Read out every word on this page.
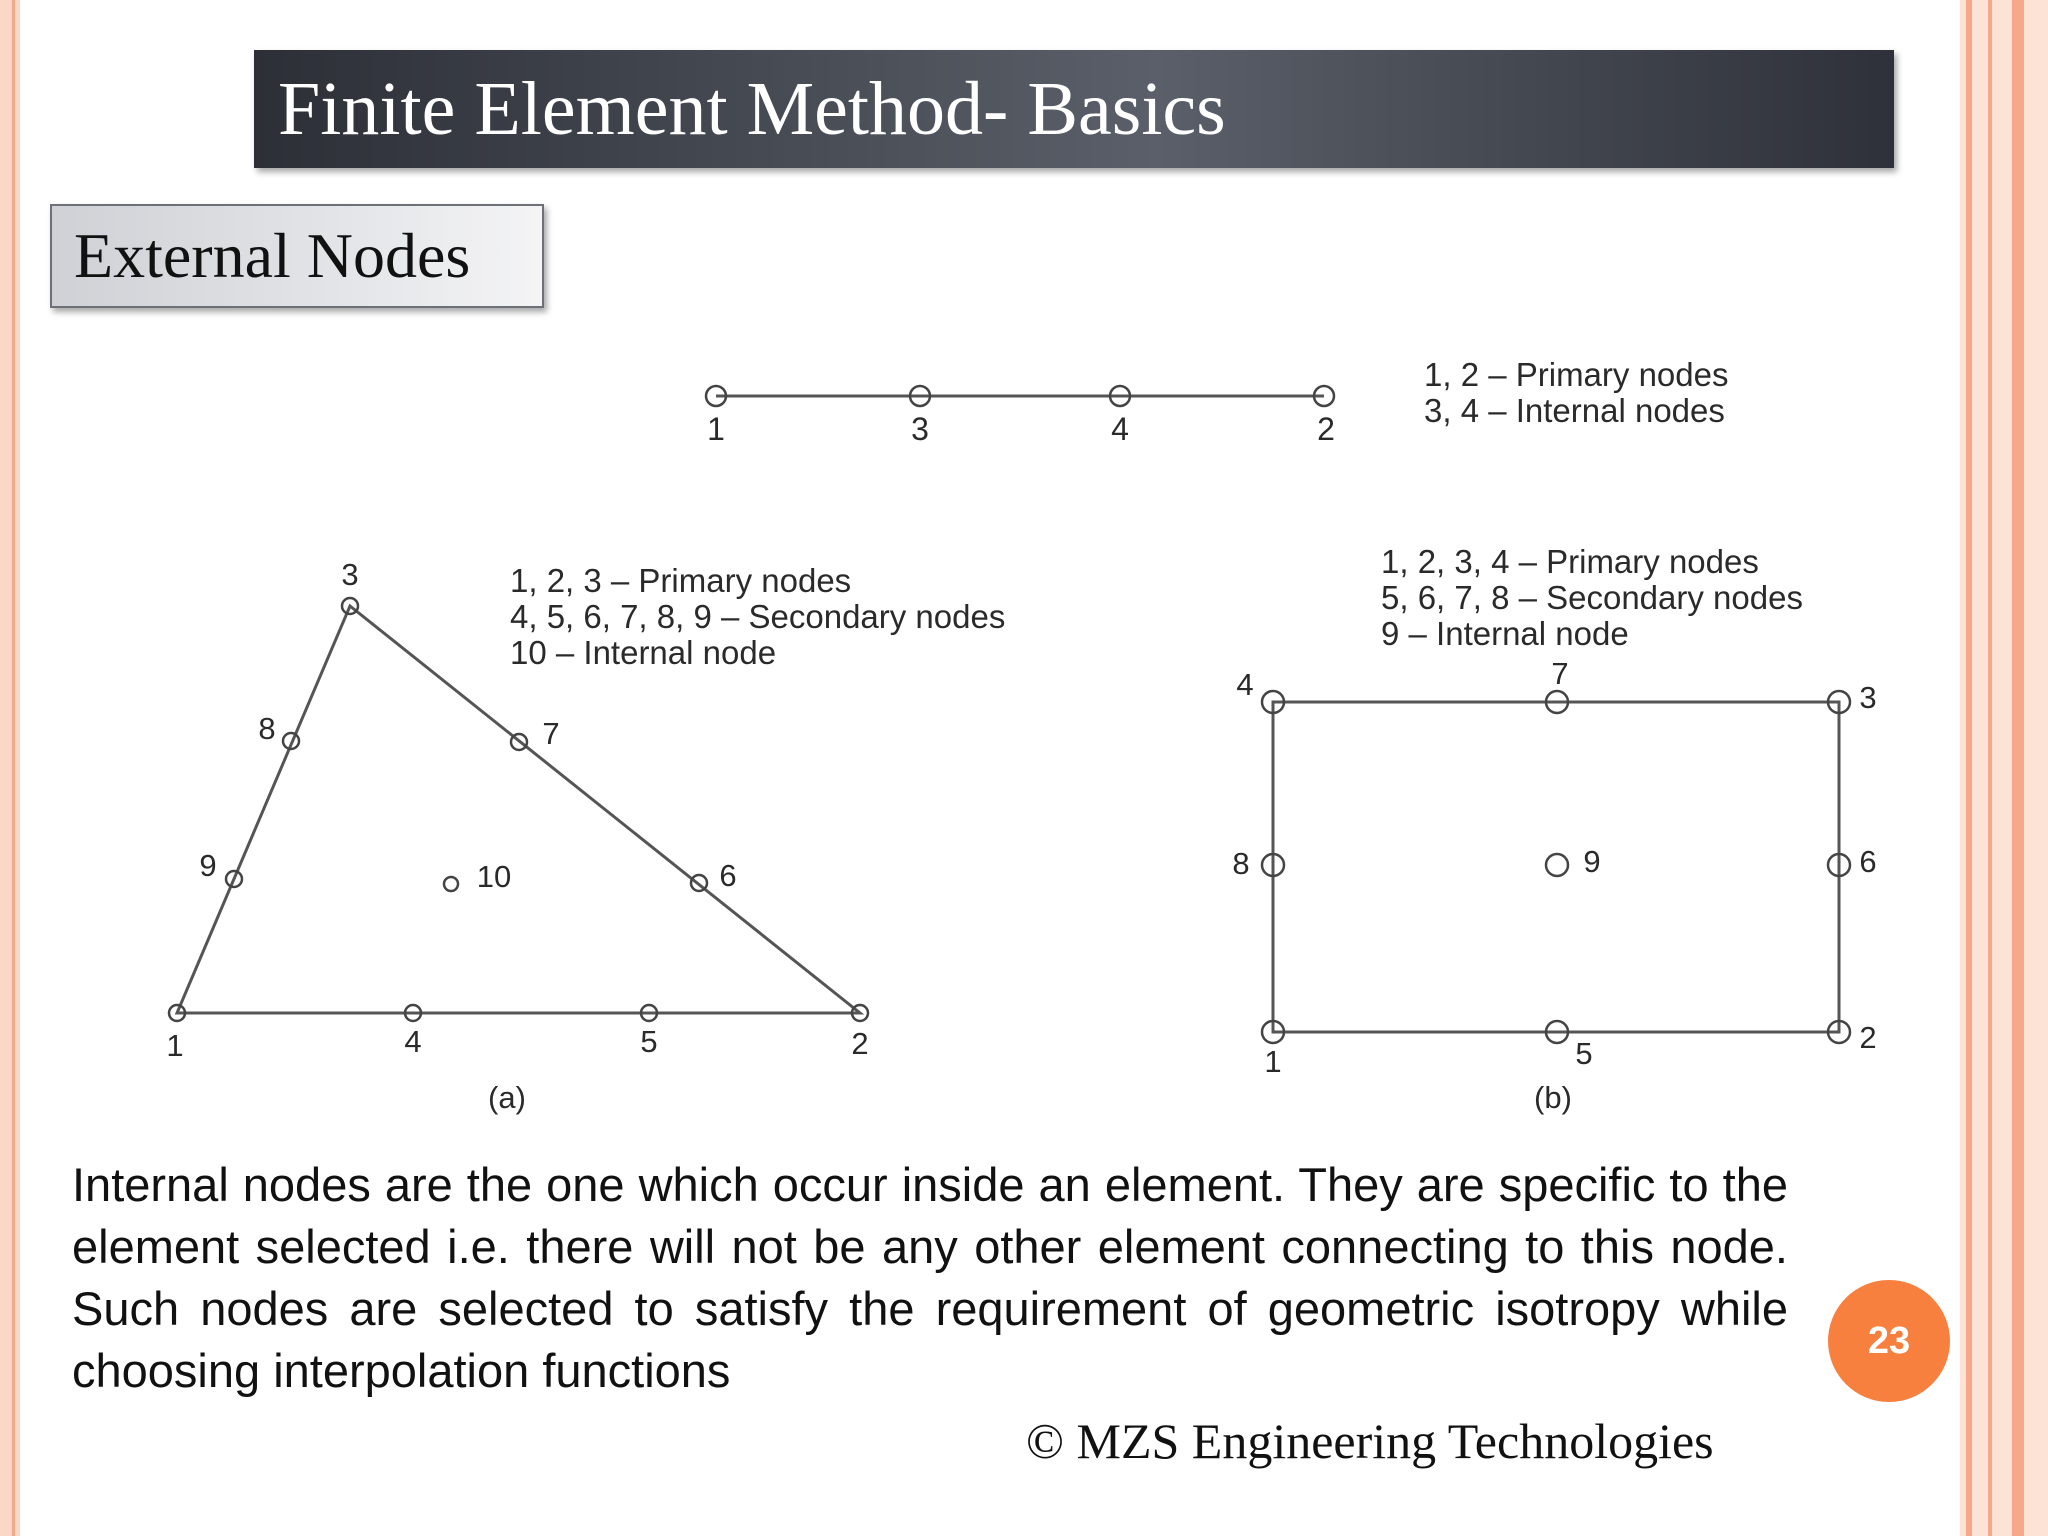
Finite Element Method- Basics
External Nodes
1	3	4	2
1, 2 – Primary nodes
3, 4 – Internal nodes
1	2
3
4	5
6
7
8
9	10
1, 2, 3 – Primary nodes
4, 5, 6, 7, 8, 9 – Secondary nodes
10 – Internal node
(a)
1
2
3
4
5
6
7
8	9
1, 2, 3, 4 – Primary nodes
5, 6, 7, 8 – Secondary nodes
9 – Internal node
(b)
Internal nodes are the one which occur inside an element. They are specific to the element selected i.e. there will not be any other element connecting to this node. Such nodes are selected to satisfy the requirement of geometric isotropy while choosing interpolation functions
23
© MZS Engineering Technologies
